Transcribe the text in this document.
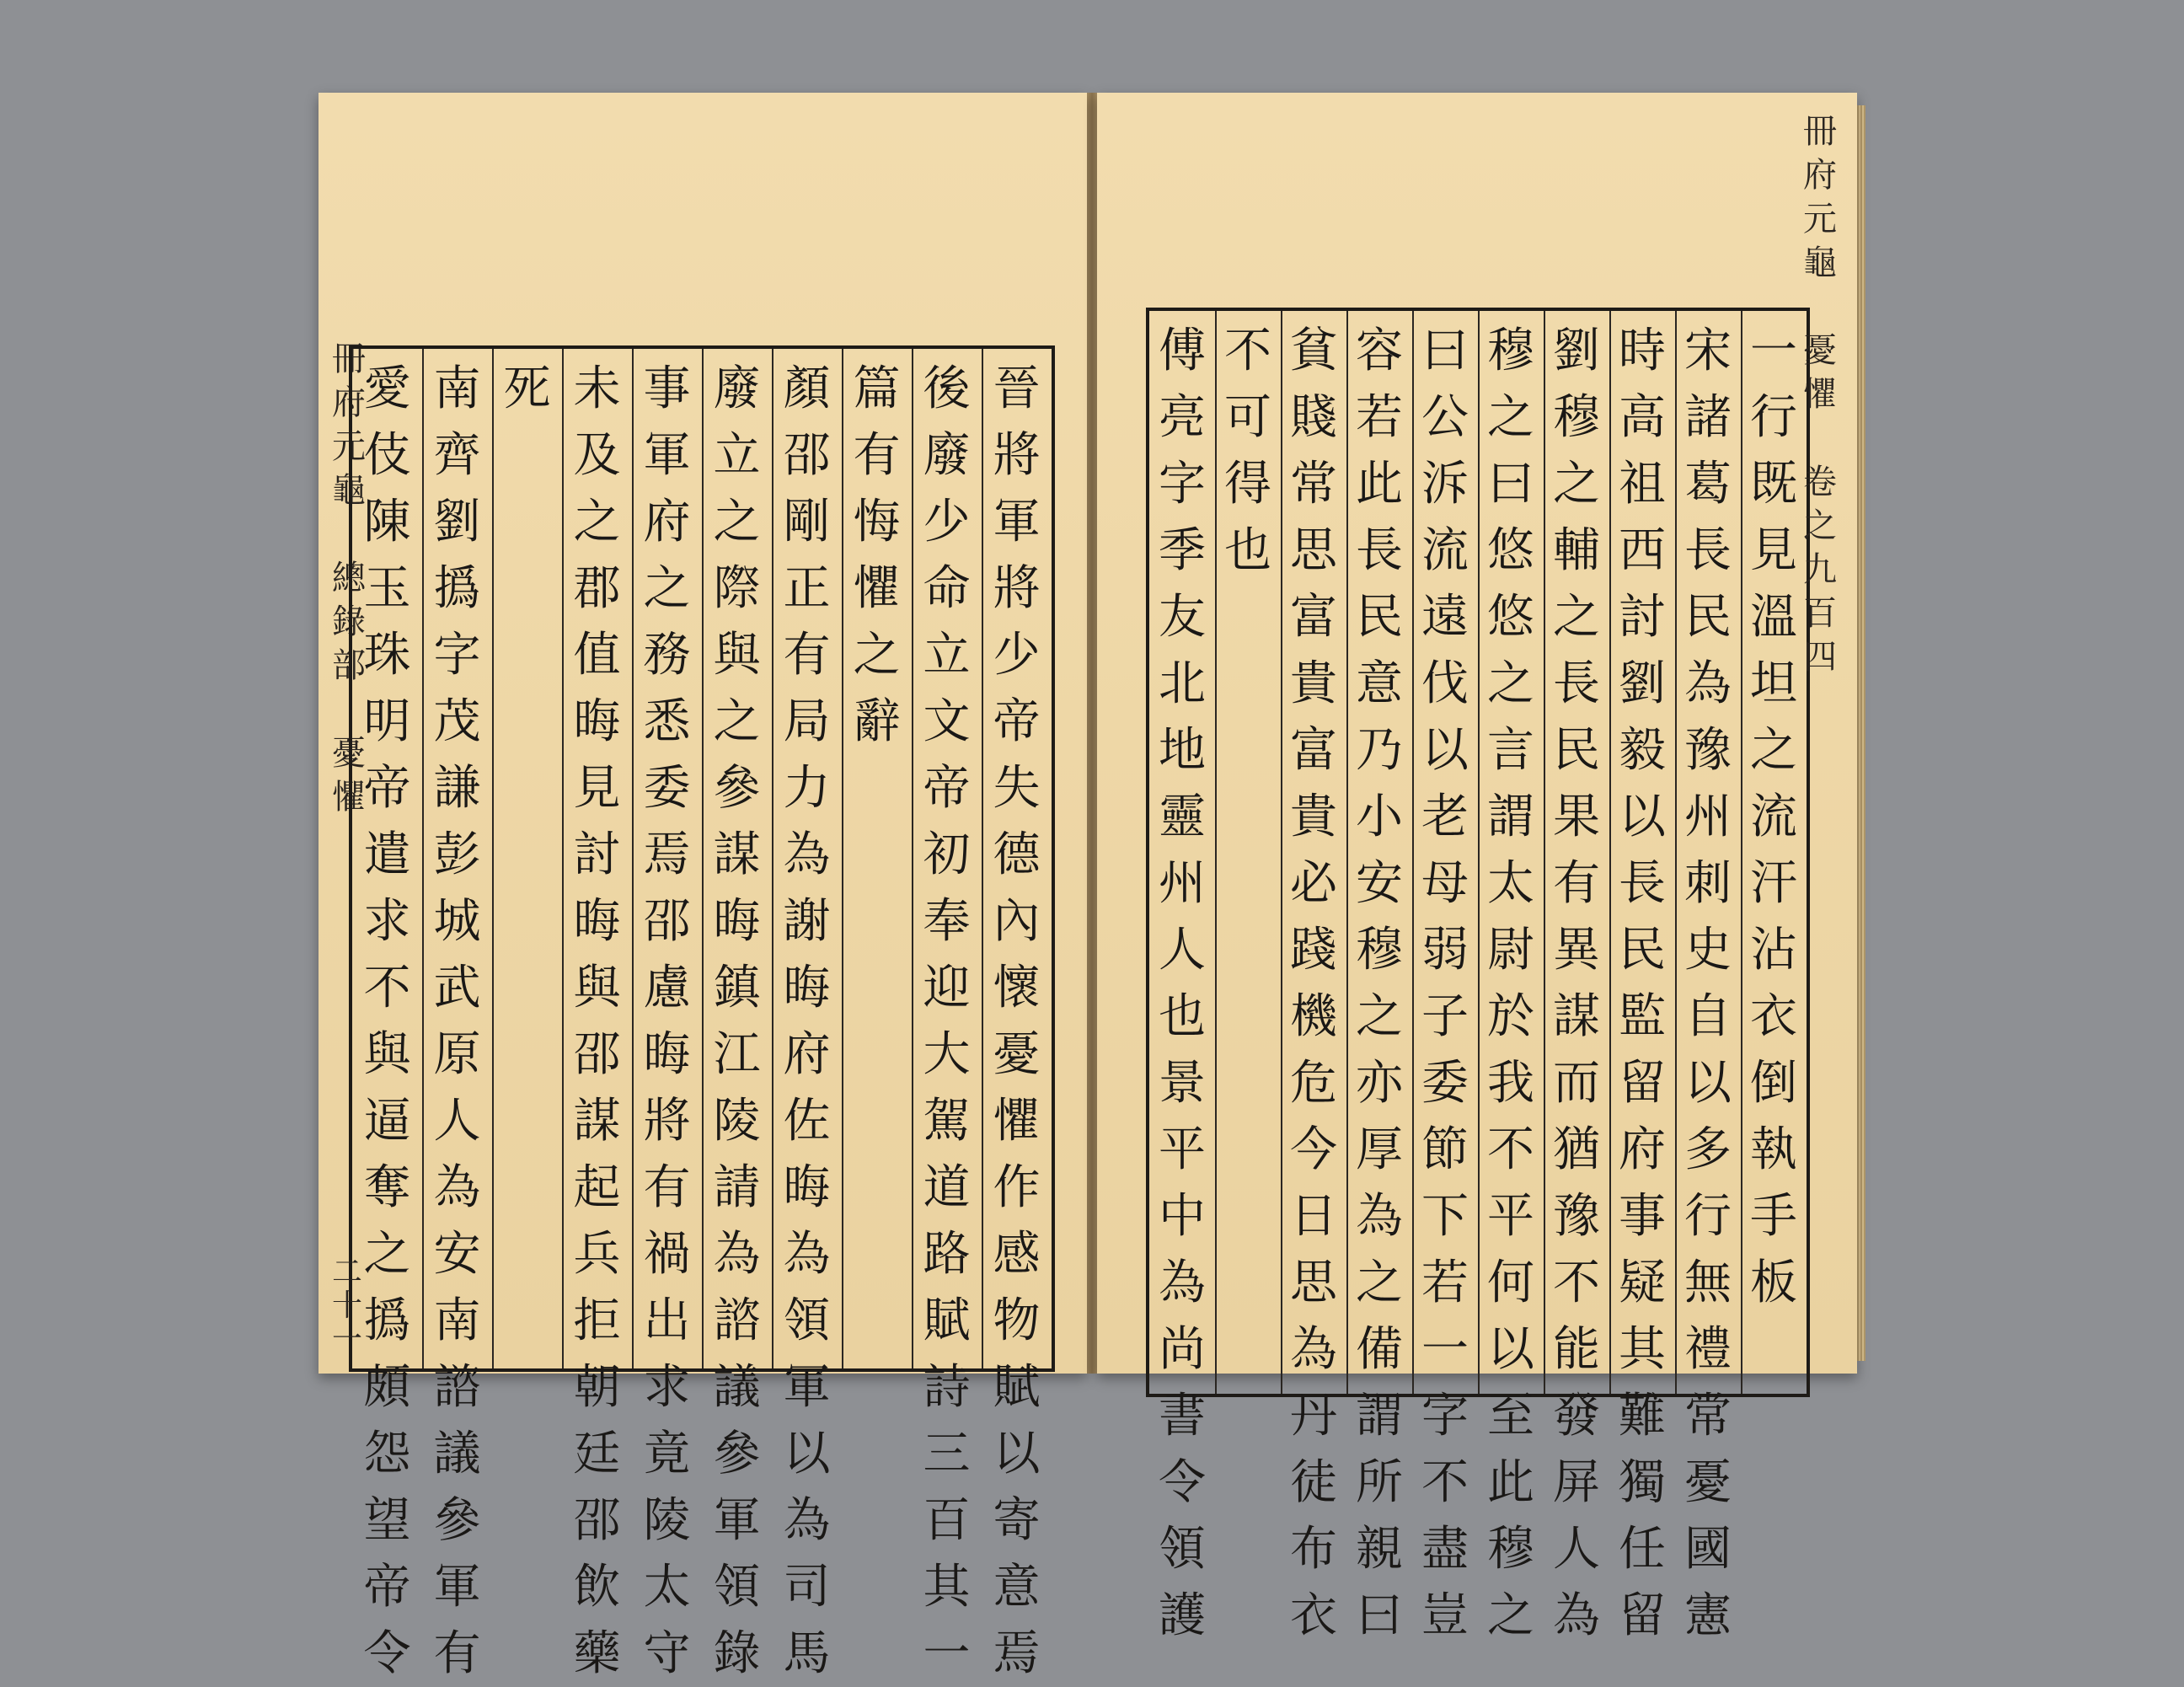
冊
府
元
龜

總
錄
部

憂
懼
晉
將
軍
將
少
帝
失
德
內
懷
憂
懼
作
感
物
賦
以
寄
意
焉
後
廢
少
命
立
文
帝
初
奉
迎
大
駕
道
路
賦
詩
三
百
其
一
篇
有
悔
懼
之
辭
顏
邵
剛
正
有
局
力
為
謝
晦
府
佐
晦
為
領
軍
以
為
司
馬
廢
立
之
際
與
之
參
謀
晦
鎮
江
陵
請
為
諮
議
參
軍
領
錄
事
軍
府
之
務
悉
委
焉
邵
慮
晦
將
有
禍
出
求
竟
陵
太
守
未
及
之
郡
值
晦
見
討
晦
與
邵
謀
起
兵
拒
朝
廷
邵
飲
藥
死
南
齊
劉
撝
字
茂
謙
彭
城
武
原
人
為
安
南
諮
議
參
軍
有
愛
伎
陳
玉
珠
明
帝
遣
求
不
與
逼
奪
之
撝
頗
怨
望
帝
令
二十一
一
行
既
見
溫
坦
之
流
汗
沾
衣
倒
執
手
板
宋
諸
葛
長
民
為
豫
州
刺
史
自
以
多
行
無
禮
常
憂
國
憲
時
高
祖
西
討
劉
毅
以
長
民
監
留
府
事
疑
其
難
獨
任
留
劉
穆
之
輔
之
長
民
果
有
異
謀
而
猶
豫
不
能
發
屏
人
為
穆
之
曰
悠
悠
之
言
謂
太
尉
於
我
不
平
何
以
至
此
穆
之
曰
公
泝
流
遠
伐
以
老
母
弱
子
委
節
下
若
一
字
不
盡
豈
容
若
此
長
民
意
乃
小
安
穆
之
亦
厚
為
之
備
謂
所
親
曰
貧
賤
常
思
富
貴
富
貴
必
踐
機
危
今
日
思
為
丹
徒
布
衣
不
可
得
也
傅
亮
字
季
友
北
地
靈
州
人
也
景
平
中
為
尚
書
令
領
護
冊
府
元
龜

憂
懼

卷
之
九
百
四
